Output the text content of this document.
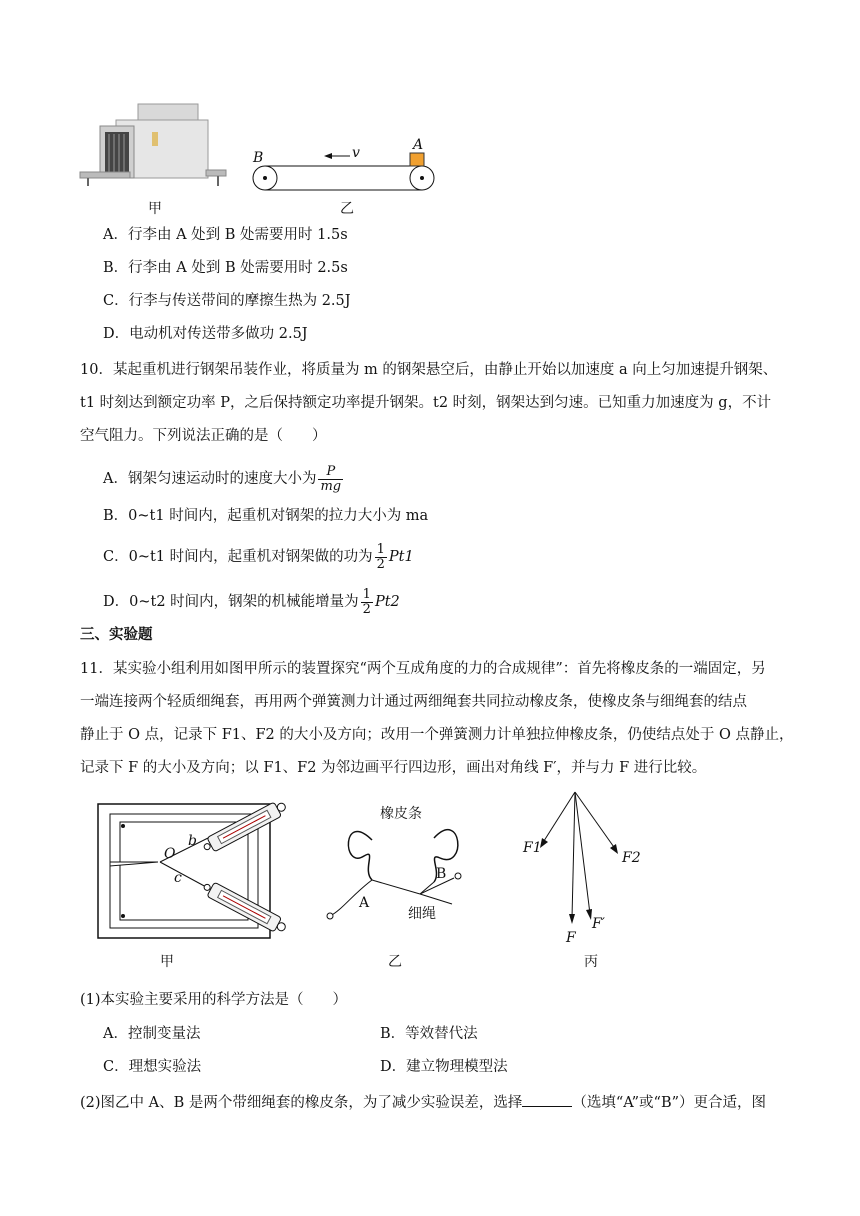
甲
B
A
v
乙
A．行李由 A 处到 B 处需要用时 1.5s
B．行李由 A 处到 B 处需要用时 2.5s
C．行李与传送带间的摩擦生热为 2.5J
D．电动机对传送带多做功 2.5J
10．某起重机进行钢架吊装作业，将质量为 m 的钢架悬空后，由静止开始以加速度 a 向上匀加速提升钢架、
t1 时刻达到额定功率 P，之后保持额定功率提升钢架。t2 时刻，钢架达到匀速。已知重力加速度为 g，不计
空气阻力。下列说法正确的是（　　）
A．钢架匀速运动时的速度大小为 $\frac{P}{mg}$
B．0~t1 时间内，起重机对钢架的拉力大小为 ma
C．0~t1 时间内，起重机对钢架做的功为 $\frac{1}{2} Pt1$
D．0~t2 时间内，钢架的机械能增量为 $\frac{1}{2} Pt2$
三、实验题
11．某实验小组利用如图甲所示的装置探究“两个互成角度的力的合成规律”：首先将橡皮条的一端固定，另
一端连接两个轻质细绳套，再用两个弹簧测力计通过两细绳套共同拉动橡皮条，使橡皮条与细绳套的结点
静止于 O 点，记录下 F1、F2 的大小及方向；改用一个弹簧测力计单独拉伸橡皮条，仍使结点处于 O 点静止，
记录下 F 的大小及方向；以 F1、F2 为邻边画平行四边形，画出对角线 F′，并与力 F 进行比较。
O
b
c
甲
橡皮条
A
B
细绳
乙
F1
F2
F
F′
丙
(1)本实验主要采用的科学方法是（　　）
A．控制变量法	B．等效替代法
C．理想实验法	D．建立物理模型法
(2)图乙中 A、B 是两个带细绳套的橡皮条，为了减少实验误差，选择	（选填“A”或“B”）更合适，图
